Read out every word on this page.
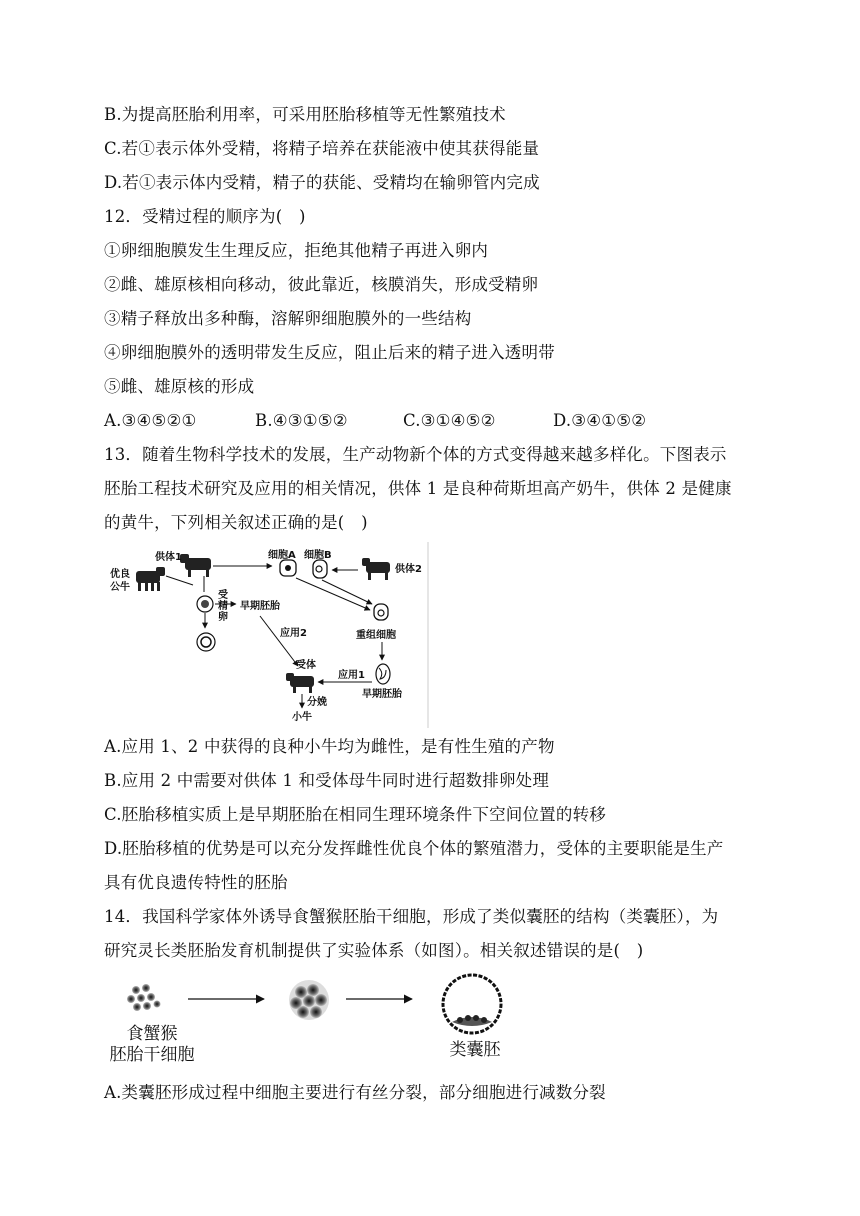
B.为提高胚胎利用率，可采用胚胎移植等无性繁殖技术
C.若①表示体外受精，将精子培养在获能液中使其获得能量
D.若①表示体内受精，精子的获能、受精均在输卵管内完成
12．受精过程的顺序为(　)
①卵细胞膜发生生理反应，拒绝其他精子再进入卵内
②雌、雄原核相向移动，彼此靠近，核膜消失，形成受精卵
③精子释放出多种酶，溶解卵细胞膜外的一些结构
④卵细胞膜外的透明带发生反应，阻止后来的精子进入透明带
⑤雌、雄原核的形成
A.③④⑤②①	B.④③①⑤②	C.③①④⑤②	D.③④①⑤②
13．随着生物科学技术的发展，生产动物新个体的方式变得越来越多样化。下图表示
胚胎工程技术研究及应用的相关情况，供体 1 是良种荷斯坦高产奶牛，供体 2 是健康
的黄牛，下列相关叙述正确的是(　)
优良
公牛
供体1
受
精
卵
细胞A 细胞B
供体2
重组细胞
早期胚胎
早期胚胎
应用2
受体
应用1
分娩
小牛
A.应用 1、2 中获得的良种小牛均为雌性，是有性生殖的产物
B.应用 2 中需要对供体 1 和受体母牛同时进行超数排卵处理
C.胚胎移植实质上是早期胚胎在相同生理环境条件下空间位置的转移
D.胚胎移植的优势是可以充分发挥雌性优良个体的繁殖潜力，受体的主要职能是生产
具有优良遗传特性的胚胎
14．我国科学家体外诱导食蟹猴胚胎干细胞，形成了类似囊胚的结构（类囊胚），为
研究灵长类胚胎发育机制提供了实验体系（如图）。相关叙述错误的是(　)
食蟹猴
胚胎干细胞	类囊胚
A.类囊胚形成过程中细胞主要进行有丝分裂，部分细胞进行减数分裂
